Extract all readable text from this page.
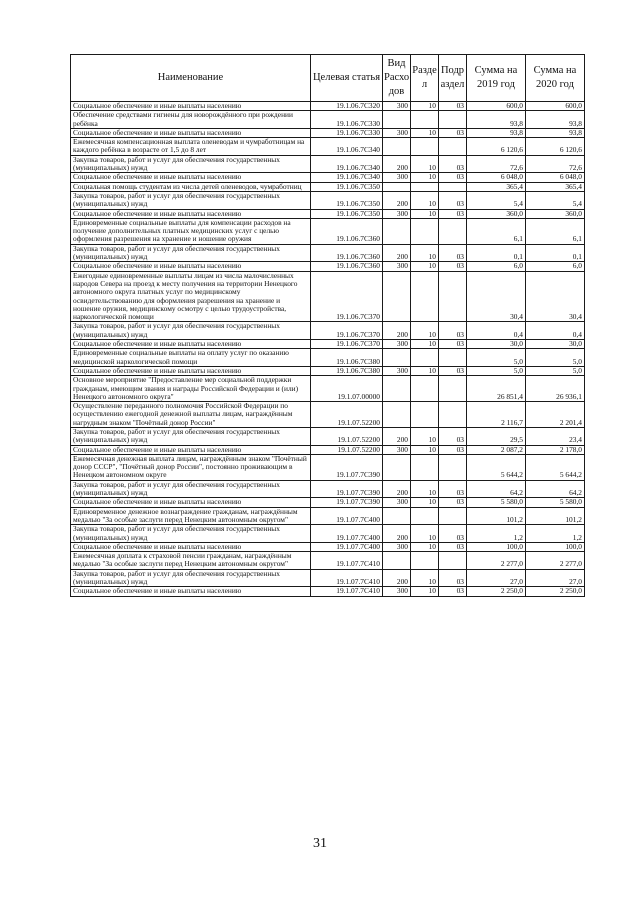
Наименование	Целевая статья	Вид Расхо дов	Разде л	Подр аздел	Сумма на 2019 год	Сумма на 2020 год
Социальное обеспечение и иные выплаты населению	19.1.06.7C320	300	10	03	600,0	600,0
Обеспечение средствами гигиены для новорождённого при рождении ребёнка	19.1.06.7C330				93,8	93,8
Социальное обеспечение и иные выплаты населению	19.1.06.7C330	300	10	03	93,8	93,8
Ежемесячная компенсационная выплата оленеводам и чумработницам на каждого ребёнка в возрасте от 1,5 до 8 лет	19.1.06.7C340				6 120,6	6 120,6
Закупка товаров, работ и услуг для обеспечения государственных (муниципальных) нужд	19.1.06.7C340	200	10	03	72,6	72,6
Социальное обеспечение и иные выплаты населению	19.1.06.7C340	300	10	03	6 048,0	6 048,0
Социальная помощь студентам из числа детей оленеводов, чумработниц	19.1.06.7C350				365,4	365,4
Закупка товаров, работ и услуг для обеспечения государственных (муниципальных) нужд	19.1.06.7C350	200	10	03	5,4	5,4
Социальное обеспечение и иные выплаты населению	19.1.06.7C350	300	10	03	360,0	360,0
Единовременные социальные выплаты для компенсации расходов на получение дополнительных платных медицинских услуг с целью оформления разрешения на хранение и ношение оружия	19.1.06.7C360				6,1	6,1
Закупка товаров, работ и услуг для обеспечения государственных (муниципальных) нужд	19.1.06.7C360	200	10	03	0,1	0,1
Социальное обеспечение и иные выплаты населению	19.1.06.7C360	300	10	03	6,0	6,0
Ежегодные единовременные выплаты лицам из числа малочисленных народов Севера на проезд к месту получения на территории Ненецкого автономного округа платных услуг по медицинскому освидетельствованию для оформления разрешения на хранение и ношение оружия, медицинскому осмотру с целью трудоустройства, наркологической помощи	19.1.06.7C370				30,4	30,4
Закупка товаров, работ и услуг для обеспечения государственных (муниципальных) нужд	19.1.06.7C370	200	10	03	0,4	0,4
Социальное обеспечение и иные выплаты населению	19.1.06.7C370	300	10	03	30,0	30,0
Единовременные социальные выплаты на оплату услуг по оказанию медицинской наркологической помощи	19.1.06.7C380				5,0	5,0
Социальное обеспечение и иные выплаты населению	19.1.06.7C380	300	10	03	5,0	5,0
Основное мероприятие "Предоставление мер социальной поддержки гражданам, имеющим звания и награды Российской Федерации и (или) Ненецкого автономного округа"	19.1.07.00000				26 851,4	26 936,1
Осуществление переданного полномочия Российской Федерации по осуществлению ежегодной денежной выплаты лицам, награждённым нагрудным знаком "Почётный донор России"	19.1.07.52200				2 116,7	2 201,4
Закупка товаров, работ и услуг для обеспечения государственных (муниципальных) нужд	19.1.07.52200	200	10	03	29,5	23,4
Социальное обеспечение и иные выплаты населению	19.1.07.52200	300	10	03	2 087,2	2 178,0
Ежемесячная денежная выплата лицам, награждённым знаком "Почётный донор СССР", "Почётный донор России", постоянно проживающим в Ненецком автономном округе	19.1.07.7C390				5 644,2	5 644,2
Закупка товаров, работ и услуг для обеспечения государственных (муниципальных) нужд	19.1.07.7C390	200	10	03	64,2	64,2
Социальное обеспечение и иные выплаты населению	19.1.07.7C390	300	10	03	5 580,0	5 580,0
Единовременное денежное вознаграждение гражданам, награждённым медалью "За особые заслуги перед Ненецким автономным округом"	19.1.07.7C400				101,2	101,2
Закупка товаров, работ и услуг для обеспечения государственных (муниципальных) нужд	19.1.07.7C400	200	10	03	1,2	1,2
Социальное обеспечение и иные выплаты населению	19.1.07.7C400	300	10	03	100,0	100,0
Ежемесячная доплата к страховой пенсии гражданам, награждённым медалью "За особые заслуги перед Ненецким автономным округом"	19.1.07.7C410				2 277,0	2 277,0
Закупка товаров, работ и услуг для обеспечения государственных (муниципальных) нужд	19.1.07.7C410	200	10	03	27,0	27,0
Социальное обеспечение и иные выплаты населению	19.1.07.7C410	300	10	03	2 250,0	2 250,0
31
